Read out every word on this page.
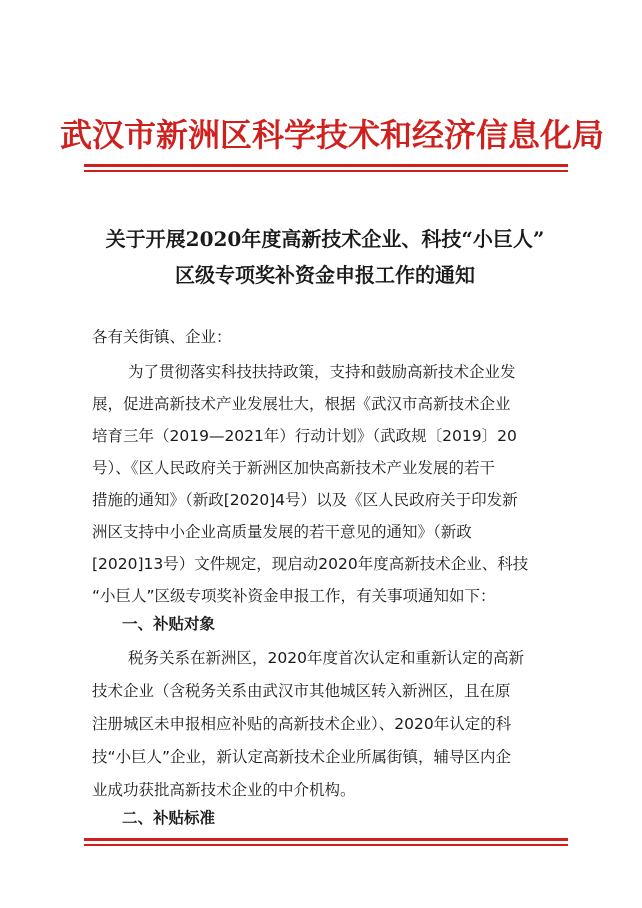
武汉市新洲区科学技术和经济信息化局
关于开展2020年度高新技术企业、科技“小巨人”
区级专项奖补资金申报工作的通知
各有关街镇、企业：
为了贯彻落实科技扶持政策，支持和鼓励高新技术企业发
展，促进高新技术产业发展壮大，根据《武汉市高新技术企业
培育三年（2019—2021年）行动计划》（武政规〔2019〕20
号）、《区人民政府关于新洲区加快高新技术产业发展的若干
措施的通知》（新政[2020]4号）以及《区人民政府关于印发新
洲区支持中小企业高质量发展的若干意见的通知》（新政
[2020]13号）文件规定，现启动2020年度高新技术企业、科技
“小巨人”区级专项奖补资金申报工作，有关事项通知如下：
一、补贴对象
税务关系在新洲区，2020年度首次认定和重新认定的高新
技术企业（含税务关系由武汉市其他城区转入新洲区，且在原
注册城区未申报相应补贴的高新技术企业）、2020年认定的科
技“小巨人”企业，新认定高新技术企业所属街镇，辅导区内企
业成功获批高新技术企业的中介机构。
二、补贴标准
